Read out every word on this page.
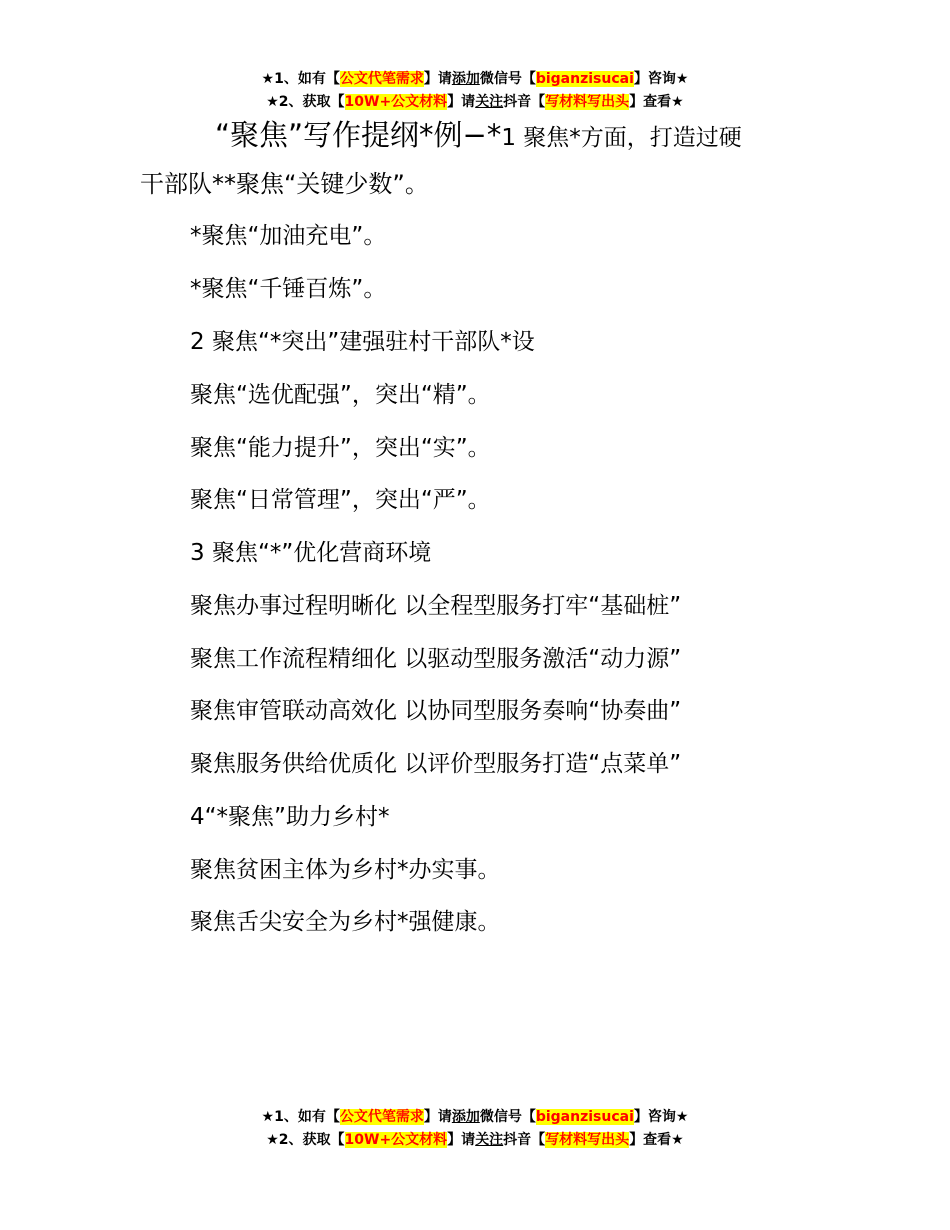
★1、如有【公文代笔需求】请添加微信号【biganzisucai】咨询★
★2、获取【10W+公文材料】请关注抖音【写材料写出头】查看★
“聚焦”写作提纲*例−*1 聚焦*方面，打造过硬
干部队**聚焦“关键少数”。
*聚焦“加油充电”。
*聚焦“千锤百炼”。
2 聚焦“*突出”建强驻村干部队*设
聚焦“选优配强”，突出“精”。
聚焦“能力提升”，突出“实”。
聚焦“日常管理”，突出“严”。
3 聚焦“*”优化营商环境
聚焦办事过程明晰化 以全程型服务打牢“基础桩”
聚焦工作流程精细化 以驱动型服务激活“动力源”
聚焦审管联动高效化 以协同型服务奏响“协奏曲”
聚焦服务供给优质化 以评价型服务打造“点菜单”
4“*聚焦”助力乡村*
聚焦贫困主体为乡村*办实事。
聚焦舌尖安全为乡村*强健康。
★1、如有【公文代笔需求】请添加微信号【biganzisucai】咨询★
★2、获取【10W+公文材料】请关注抖音【写材料写出头】查看★
